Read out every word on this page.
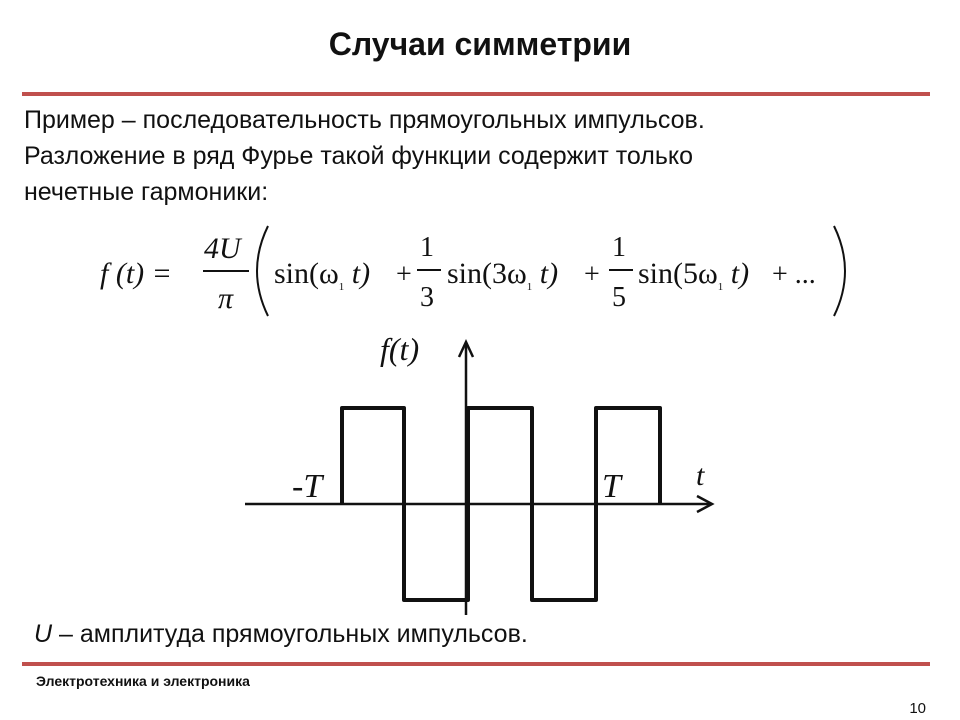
Случаи симметрии
Пример – последовательность прямоугольных импульсов.
Разложение в ряд Фурье такой функции содержит только
нечетные гармоники:
f (t) =
4U
π
$\sin(\omega_1$ t) +
1
3
$\sin(3\omega_1$ t) +
1
5
$\sin(5\omega_1$ t) + ...
f(t)
t
-T	T
U – амплитуда прямоугольных импульсов.
Электротехника и электроника
10
